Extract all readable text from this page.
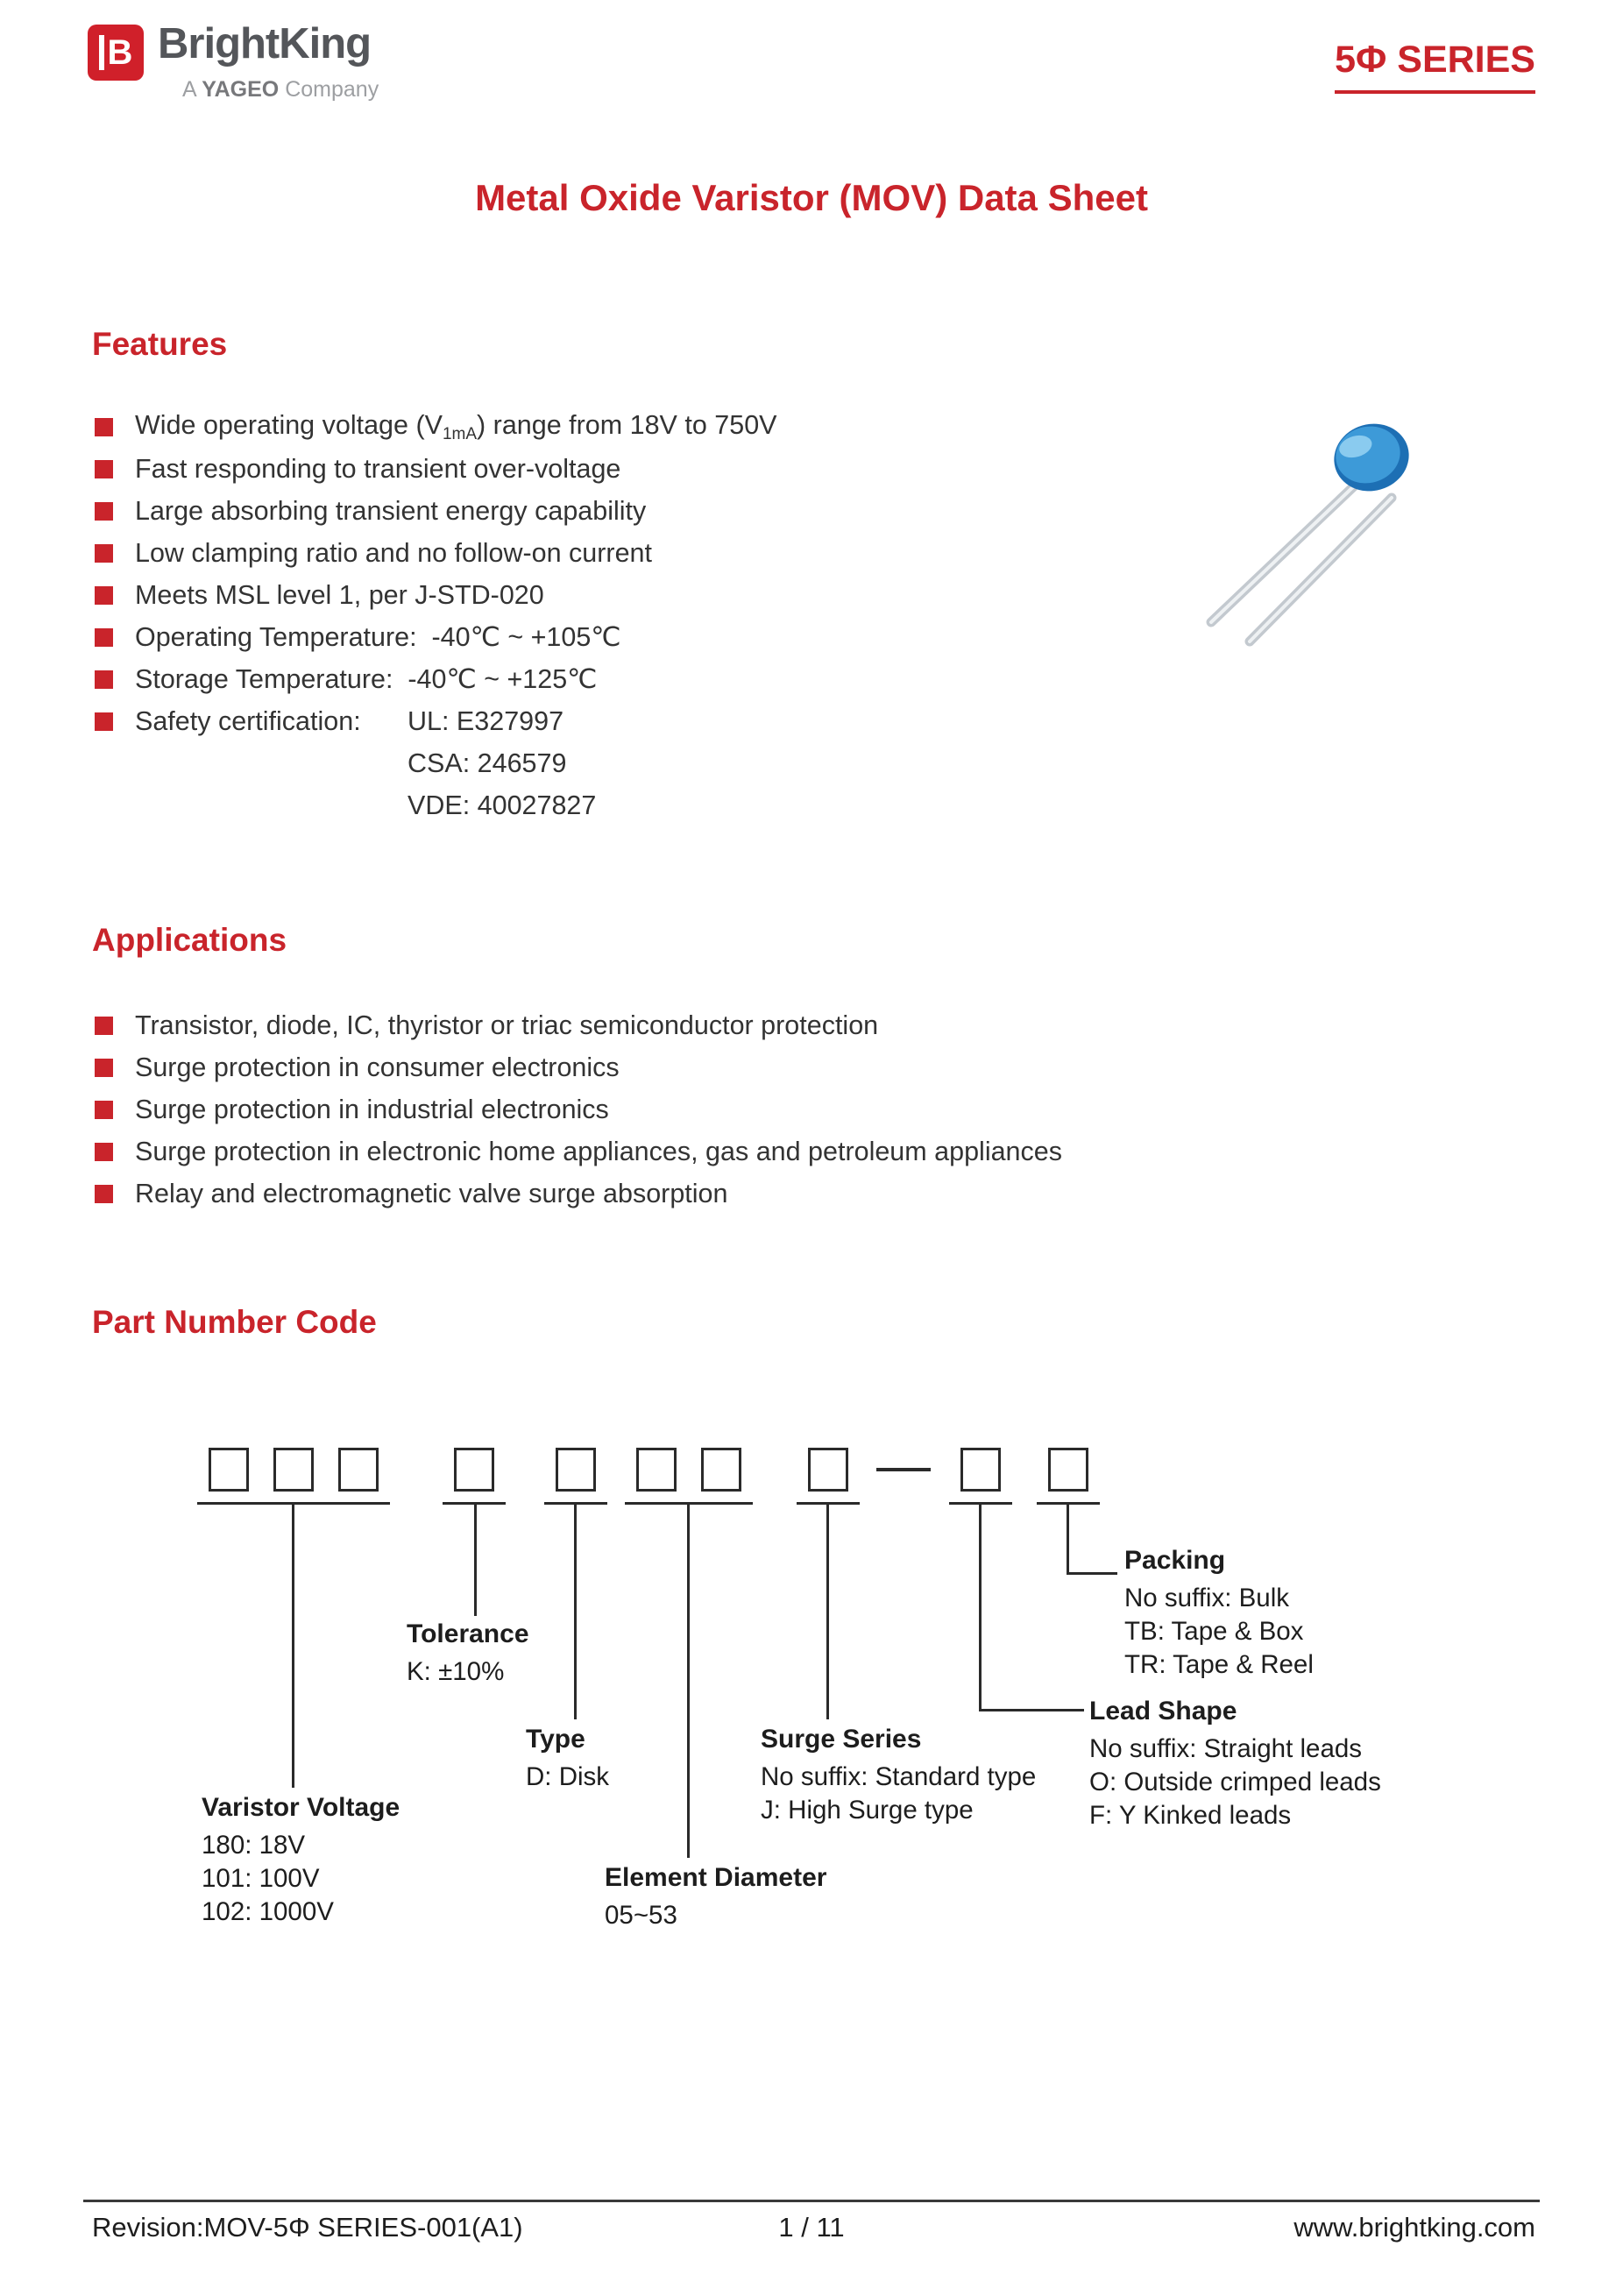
B BrightKing
A YAGEO Company
5Φ SERIES
Metal Oxide Varistor (MOV) Data Sheet
Features
Wide operating voltage $(V_{1mA})$ range from 18V to 750V
Fast responding to transient over-voltage
Large absorbing transient energy capability
Low clamping ratio and no follow-on current
Meets MSL level 1, per J-STD-020
Operating Temperature:  -40℃ ~ +105℃
Storage Temperature:  -40℃ ~ +125℃
Safety certification:	UL: E327997
CSA: 246579
VDE: 40027827
Applications
Transistor, diode, IC, thyristor or triac semiconductor protection
Surge protection in consumer electronics
Surge protection in industrial electronics
Surge protection in electronic home appliances, gas and petroleum appliances
Relay and electromagnetic valve surge absorption
Part Number Code
Varistor Voltage
180: 18V
101: 100V
102: 1000V
Tolerance
K: ±10%
Type
D: Disk
Element Diameter
05~53
Surge Series
No suffix: Standard type
J: High Surge type
Lead Shape
No suffix: Straight leads
O: Outside crimped leads
F: Y Kinked leads
Packing
No suffix: Bulk
TB: Tape & Box
TR: Tape & Reel
Revision:MOV-5Φ SERIES-001(A1)	1 / 11	www.brightking.com
